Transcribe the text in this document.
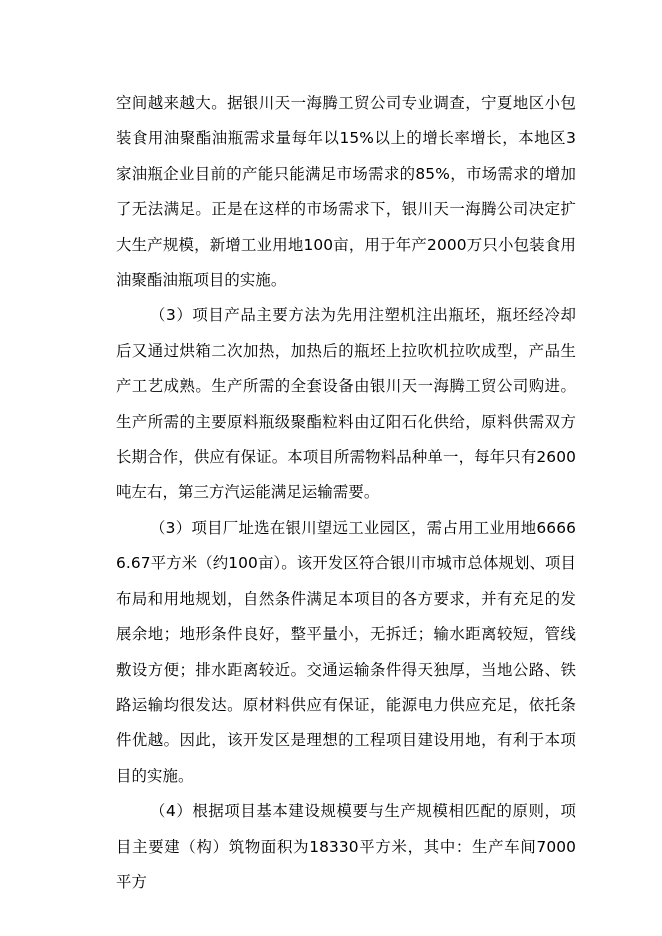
空间越来越大。据银川天一海腾工贸公司专业调查，宁夏地区小包装食用油聚酯油瓶需求量每年以15%以上的增长率增长，本地区3家油瓶企业目前的产能只能满足市场需求的85%，市场需求的增加了无法满足。正是在这样的市场需求下，银川天一海腾公司决定扩大生产规模，新增工业用地100亩，用于年产2000万只小包装食用油聚酯油瓶项目的实施。

（3）项目产品主要方法为先用注塑机注出瓶坯，瓶坯经冷却后又通过烘箱二次加热，加热后的瓶坯上拉吹机拉吹成型，产品生产工艺成熟。生产所需的全套设备由银川天一海腾工贸公司购进。生产所需的主要原料瓶级聚酯粒料由辽阳石化供给，原料供需双方长期合作，供应有保证。本项目所需物料品种单一，每年只有2600 吨左右，第三方汽运能满足运输需要。

（3）项目厂址选在银川望远工业园区，需占用工业用地66666.67平方米（约100亩）。该开发区符合银川市城市总体规划、项目布局和用地规划，自然条件满足本项目的各方要求，并有充足的发展余地；地形条件良好，整平量小，无拆迁；输水距离较短，管线敷设方便；排水距离较近。交通运输条件得天独厚，当地公路、铁路运输均很发达。原材料供应有保证，能源电力供应充足，依托条件优越。因此，该开发区是理想的工程项目建设用地，有利于本项目的实施。

（4）根据项目基本建设规模要与生产规模相匹配的原则，项目主要建（构）筑物面积为18330平方米，其中：生产车间7000平方
